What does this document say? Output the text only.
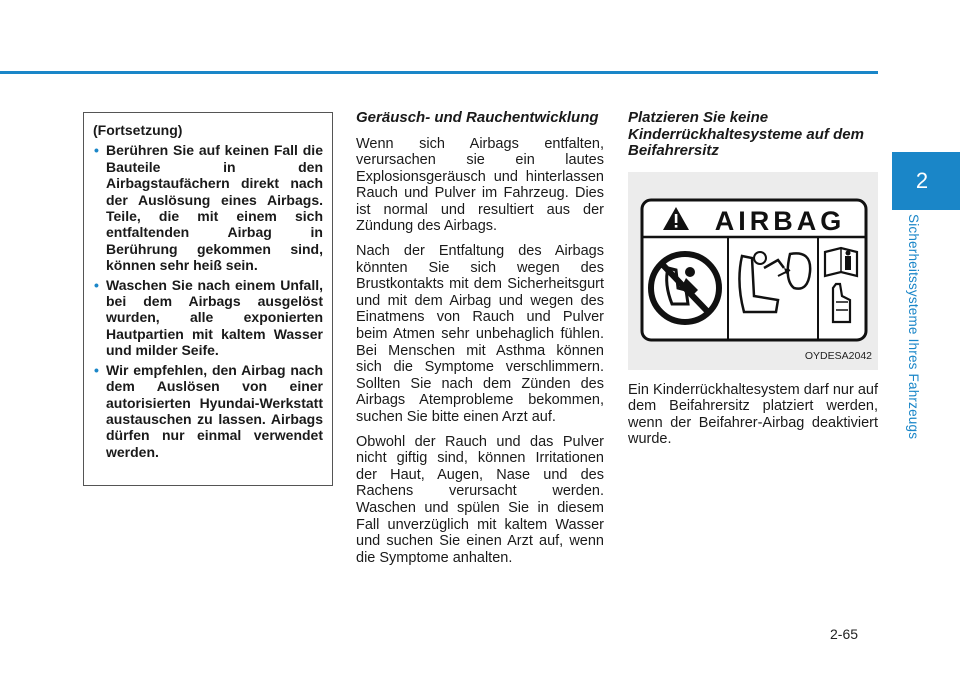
2
Sicherheitssysteme Ihres Fahrzeugs
(Fortsetzung)
• Berühren Sie auf keinen Fall die Bauteile in den Airbagstaufächern direkt nach der Auslösung eines Airbags. Teile, die mit einem sich entfaltenden Airbag in Berührung gekommen sind, können sehr heiß sein.
• Waschen Sie nach einem Unfall, bei dem Airbags ausgelöst wurden, alle exponierten Hautpartien mit kaltem Wasser und milder Seife.
• Wir empfehlen, den Airbag nach dem Auslösen von einer autorisierten Hyundai-Werkstatt austauschen zu lassen. Airbags dürfen nur einmal verwendet werden.
Geräusch- und Rauchentwicklung

Wenn sich Airbags entfalten, verursachen sie ein lautes Explosionsgeräusch und hinterlassen Rauch und Pulver im Fahrzeug. Dies ist normal und resultiert aus der Zündung des Airbags.

Nach der Entfaltung des Airbags könnten Sie sich wegen des Brustkontakts mit dem Sicherheitsgurt und mit dem Airbag und wegen des Einatmens von Rauch und Pulver beim Atmen sehr unbehaglich fühlen. Bei Menschen mit Asthma können sich die Symptome verschlimmern. Sollten Sie nach dem Zünden des Airbags Atemprobleme bekommen, suchen Sie bitte einen Arzt auf.

Obwohl der Rauch und das Pulver nicht giftig sind, können Irritationen der Haut, Augen, Nase und des Rachens verursacht werden. Waschen und spülen Sie in diesem Fall unverzüglich mit kaltem Wasser und suchen Sie einen Arzt auf, wenn die Symptome anhalten.

Platzieren Sie keine Kinderrückhaltesysteme auf dem Beifahrersitz
AIRBAG
OYDESA2042

Ein Kinderrückhaltesystem darf nur auf dem Beifahrersitz platziert werden, wenn der Beifahrer-Airbag deaktiviert wurde.

2-65
